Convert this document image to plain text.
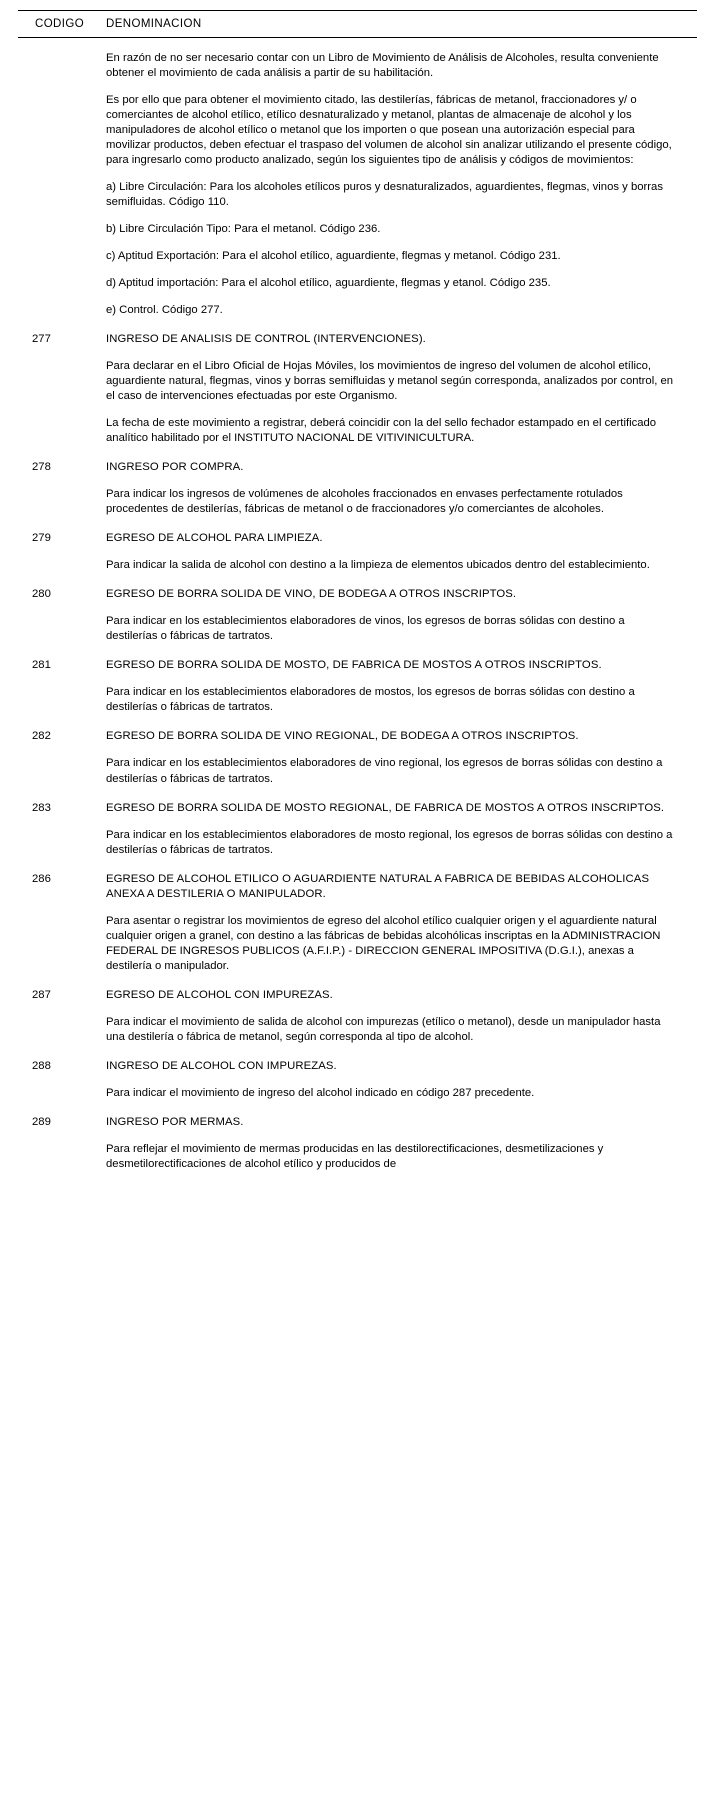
CODIGO	DENOMINACION

En razón de no ser necesario contar con un Libro de Movimiento de Análisis de Alcoholes, resulta conveniente obtener el movimiento de cada análisis a partir de su habilitación.

Es por ello que para obtener el movimiento citado, las destilerías, fábricas de metanol, fraccionadores y/ o comerciantes de alcohol etílico, etílico desnaturalizado y metanol, plantas de almacenaje de alcohol y los manipuladores de alcohol etílico o metanol que los importen o que posean una autorización especial para movilizar productos, deben efectuar el traspaso del volumen de alcohol sin analizar utilizando el presente código, para ingresarlo como producto analizado, según los siguientes tipo de análisis y códigos de movimientos:

a) Libre Circulación: Para los alcoholes etílicos puros y desnaturalizados, aguardientes, flegmas, vinos y borras semifluidas. Código 110.

b) Libre Circulación Tipo: Para el metanol. Código 236.

c) Aptitud Exportación: Para el alcohol etílico, aguardiente, flegmas y metanol. Código 231.

d) Aptitud importación: Para el alcohol etílico, aguardiente, flegmas y etanol. Código 235.

e) Control. Código 277.

277	INGRESO DE ANALISIS DE CONTROL (INTERVENCIONES).

Para declarar en el Libro Oficial de Hojas Móviles, los movimientos de ingreso del volumen de alcohol etílico, aguardiente natural, flegmas, vinos y borras semifluidas y metanol según corresponda, analizados por control, en el caso de intervenciones efectuadas por este Organismo.

La fecha de este movimiento a registrar, deberá coincidir con la del sello fechador estampado en el certificado analítico habilitado por el INSTITUTO NACIONAL DE VITIVINICULTURA.

278	INGRESO POR COMPRA.

Para indicar los ingresos de volúmenes de alcoholes fraccionados en envases perfectamente rotulados procedentes de destilerías, fábricas de metanol o de fraccionadores y/o comerciantes de alcoholes.

279	EGRESO DE ALCOHOL PARA LIMPIEZA.

Para indicar la salida de alcohol con destino a la limpieza de elementos ubicados dentro del establecimiento.

280	EGRESO DE BORRA SOLIDA DE VINO, DE BODEGA A OTROS INSCRIPTOS.

Para indicar en los establecimientos elaboradores de vinos, los egresos de borras sólidas con destino a destilerías o fábricas de tartratos.

281	EGRESO DE BORRA SOLIDA DE MOSTO, DE FABRICA DE MOSTOS A OTROS INSCRIPTOS.

Para indicar en los establecimientos elaboradores de mostos, los egresos de borras sólidas con destino a destilerías o fábricas de tartratos.

282	EGRESO DE BORRA SOLIDA DE VINO REGIONAL, DE BODEGA A OTROS INSCRIPTOS.

Para indicar en los establecimientos elaboradores de vino regional, los egresos de borras sólidas con destino a destilerías o fábricas de tartratos.

283	EGRESO DE BORRA SOLIDA DE MOSTO REGIONAL, DE FABRICA DE MOSTOS A OTROS INSCRIPTOS.

Para indicar en los establecimientos elaboradores de mosto regional, los egresos de borras sólidas con destino a destilerías o fábricas de tartratos.

286	EGRESO DE ALCOHOL ETILICO O AGUARDIENTE NATURAL A FABRICA DE BEBIDAS ALCOHOLICAS ANEXA A DESTILERIA O MANIPULADOR.

Para asentar o registrar los movimientos de egreso del alcohol etílico cualquier origen y el aguardiente natural cualquier origen a granel, con destino a las fábricas de bebidas alcohólicas inscriptas en la ADMINISTRACION FEDERAL DE INGRESOS PUBLICOS (A.F.I.P.) - DIRECCION GENERAL IMPOSITIVA (D.G.I.), anexas a destilería o manipulador.

287	EGRESO DE ALCOHOL CON IMPUREZAS.

Para indicar el movimiento de salida de alcohol con impurezas (etílico o metanol), desde un manipulador hasta una destilería o fábrica de metanol, según corresponda al tipo de alcohol.

288	INGRESO DE ALCOHOL CON IMPUREZAS.

Para indicar el movimiento de ingreso del alcohol indicado en código 287 precedente.

289	INGRESO POR MERMAS.

Para reflejar el movimiento de mermas producidas en las destilorectificaciones, desmetilizaciones y desmetilorectificaciones de alcohol etílico y producidos de
